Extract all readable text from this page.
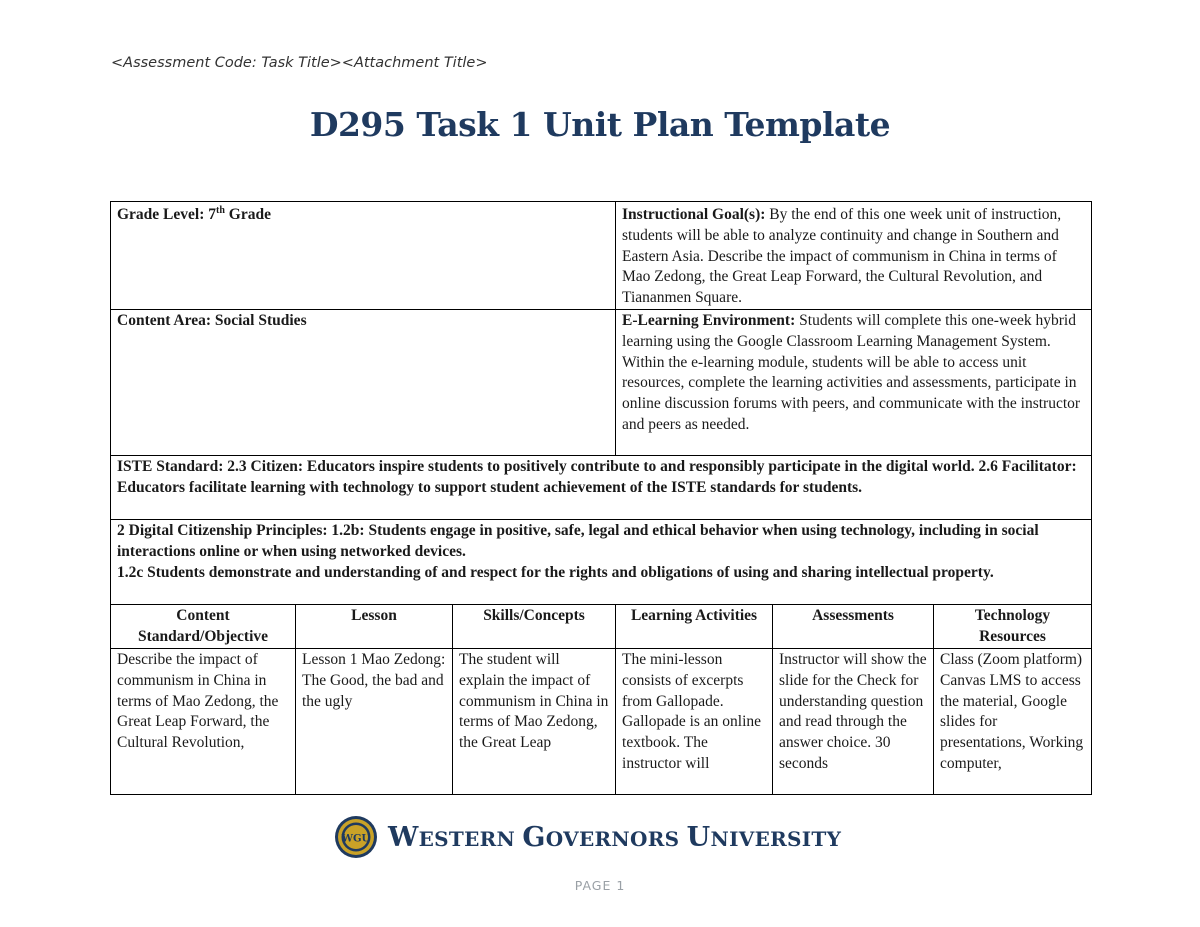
<Assessment Code: Task Title><Attachment Title>
D295 Task 1 Unit Plan Template
Grade Level: 7th Grade			Instructional Goal(s): By the end of this one week unit of instruction, students will be able to analyze continuity and change in Southern and Eastern Asia. Describe the impact of communism in China in terms of Mao Zedong, the Great Leap Forward, the Cultural Revolution, and Tiananmen Square.		
Content Area: Social Studies			E-Learning Environment: Students will complete this one-week hybrid learning using the Google Classroom Learning Management System. Within the e-learning module, students will be able to access unit resources, complete the learning activities and assessments, participate in online discussion forums with peers, and communicate with the instructor and peers as needed.		
ISTE Standard: 2.3 Citizen: Educators inspire students to positively contribute to and responsibly participate in the digital world. 2.6 Facilitator: Educators facilitate learning with technology to support student achievement of the ISTE standards for students.					

2 Digital Citizenship Principles: 1.2b: Students engage in positive, safe, legal and ethical behavior when using technology, including in social interactions online or when using networked devices.
1.2c Students demonstrate and understanding of and respect for the rights and obligations of using and sharing intellectual property.					

Content Standard/Objective	Lesson	Skills/Concepts	Learning Activities	Assessments	Technology Resources

Describe the impact of communism in China in terms of Mao Zedong, the Great Leap Forward, the Cultural Revolution,	Lesson 1 Mao Zedong: The Good, the bad and the ugly	The student will explain the impact of communism in China in terms of Mao Zedong, the Great Leap	The mini-lesson consists of excerpts from Gallopade. Gallopade is an online textbook. The instructor will	Instructor will show the slide for the Check for understanding question and read through the answer choice. 30 seconds	Class (Zoom platform) Canvas LMS to access the material, Google slides for presentations, Working computer,
WGU WESTERN GOVERNORS UNIVERSITY
PAGE 1
